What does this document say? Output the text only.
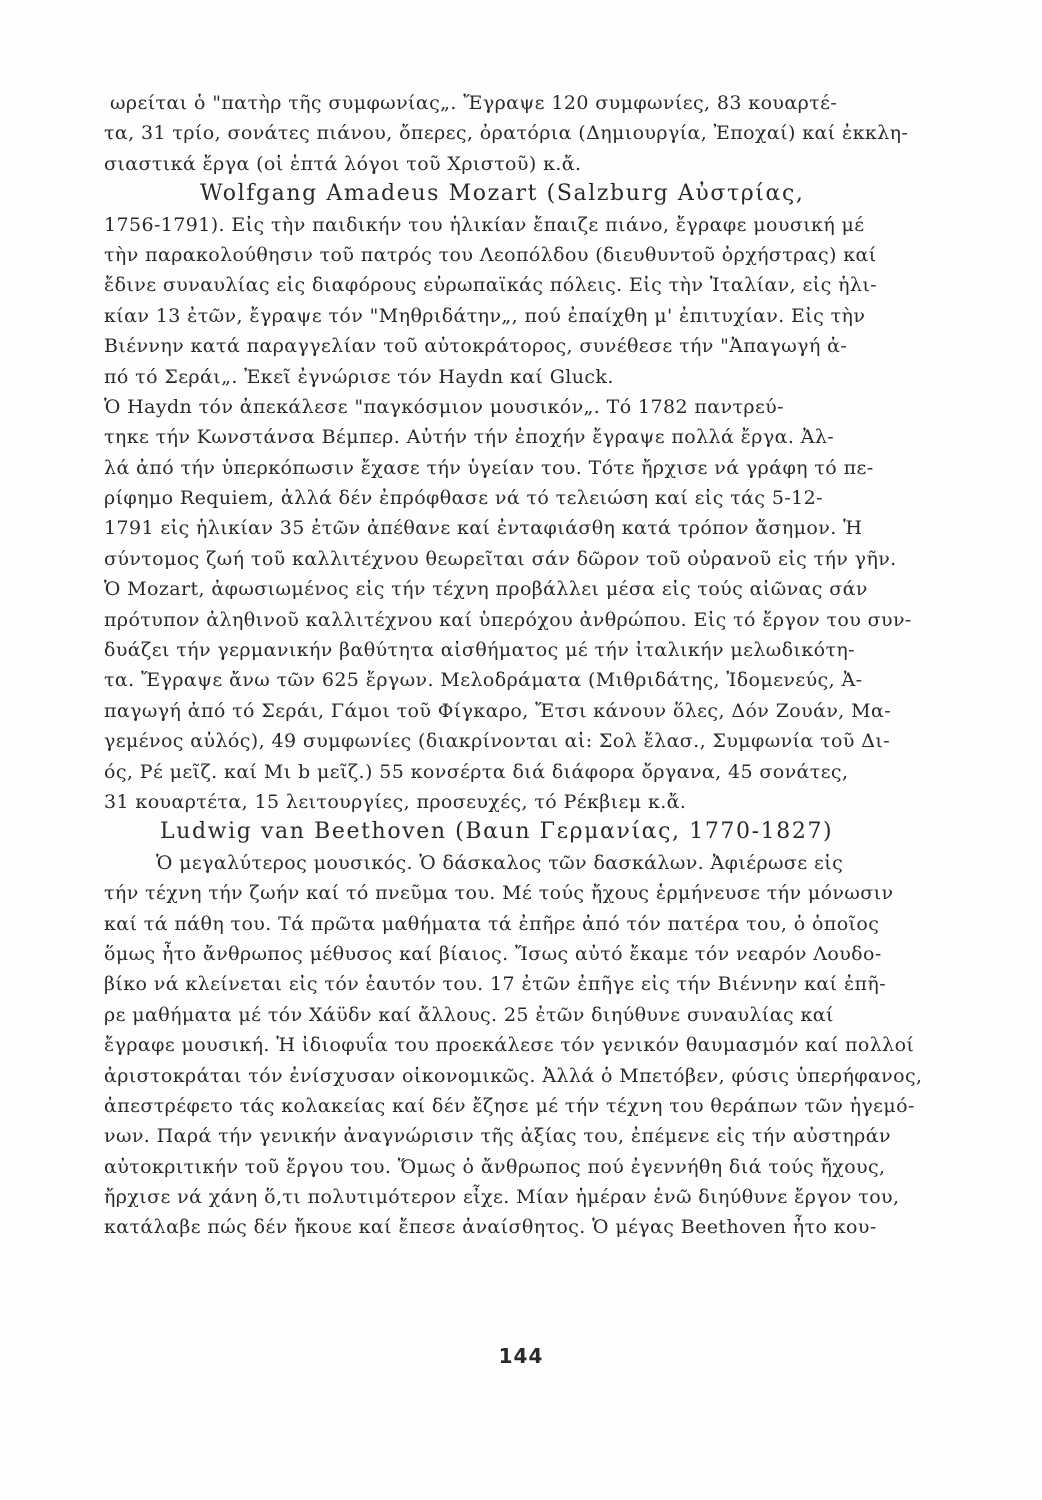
ωρείται ὁ "πατὴρ τῆς συμφωνίας„. Ἔγραψε 120 συμφωνίες, 83 κουαρτέ-
τα, 31 τρίο, σονάτες πιάνου, ὄπερες, ὀρατόρια (Δημιουργία, Ἐποχαί) καί ἐκκλη-
σιαστικά ἔργα (οἱ ἑπτά λόγοι τοῦ Χριστοῦ) κ.ἄ.
Wolfgang Amadeus Mozart (Salzburg Αὐστρίας,
1756-1791). Εἰς τὴν παιδικήν του ἡλικίαν ἔπαιζε πιάνο, ἔγραφε μουσική μέ
τὴν παρακολούθησιν τοῦ πατρός του Λεοπόλδου (διευθυντοῦ ὀρχήστρας) καί
ἔδινε συναυλίας εἰς διαφόρους εὐρωπαϊκάς πόλεις. Εἰς τὴν Ἰταλίαν, εἰς ἡλι-
κίαν 13 ἐτῶν, ἔγραψε τόν "Μηθριδάτην„, πού ἐπαίχθη μ' ἐπιτυχίαν. Εἰς τὴν
Βιέννην κατά παραγγελίαν τοῦ αὐτοκράτορος, συνέθεσε τήν "Ἀπαγωγή ἀ-
πό τό Σεράι„. Ἐκεῖ ἐγνώρισε τόν Haydn καί Gluck.
Ὁ Haydn τόν ἀπεκάλεσε "παγκόσμιον μουσικόν„. Τό 1782 παντρεύ-
τηκε τήν Κωνστάνσα Βέμπερ. Αὐτήν τήν ἐποχήν ἔγραψε πολλά ἔργα. Ἀλ-
λά ἀπό τήν ὑπερκόπωσιν ἔχασε τήν ὑγείαν του. Τότε ἤρχισε νά γράφη τό πε-
ρίφημο Requiem, ἀλλά δέν ἐπρόφθασε νά τό τελειώση καί εἰς τάς 5-12-
1791 εἰς ἡλικίαν 35 ἐτῶν ἀπέθανε καί ἐνταφιάσθη κατά τρόπον ἄσημον. Ἡ
σύντομος ζωή τοῦ καλλιτέχνου θεωρεῖται σάν δῶρον τοῦ οὐρανοῦ εἰς τήν γῆν.
Ὁ Mozart, ἀφωσιωμένος εἰς τήν τέχνη προβάλλει μέσα εἰς τούς αἰῶνας σάν
πρότυπον ἀληθινοῦ καλλιτέχνου καί ὑπερόχου ἀνθρώπου. Εἰς τό ἔργον του συν-
δυάζει τήν γερμανικήν βαθύτητα αἰσθήματος μέ τήν ἰταλικήν μελωδικότη-
τα. Ἔγραψε ἄνω τῶν 625 ἔργων. Μελοδράματα (Μιθριδάτης, Ἰδομενεύς, Ἀ-
παγωγή ἀπό τό Σεράι, Γάμοι τοῦ Φίγκαρο, Ἔτσι κάνουν ὅλες, Δόν Ζουάν, Μα-
γεμένος αὐλός), 49 συμφωνίες (διακρίνονται αἱ: Σολ ἔλασ., Συμφωνία τοῦ Δι-
ός, Ρέ μεῖζ. καί Μι b μεῖζ.) 55 κονσέρτα διά διάφορα ὄργανα, 45 σονάτες,
31 κουαρτέτα, 15 λειτουργίες, προσευχές, τό Ρέκβιεμ κ.ἄ.
Ludwig van Beethoven (Βαun Γερμανίας, 1770-1827)
Ὁ μεγαλύτερος μουσικός. Ὁ δάσκαλος τῶν δασκάλων. Ἀφιέρωσε εἰς
τήν τέχνη τήν ζωήν καί τό πνεῦμα του. Μέ τούς ἤχους ἑρμήνευσε τήν μόνωσιν
καί τά πάθη του. Τά πρῶτα μαθήματα τά ἐπῆρε ἀπό τόν πατέρα του, ὁ ὁποῖος
ὅμως ἦτο ἄνθρωπος μέθυσος καί βίαιος. Ἴσως αὐτό ἔκαμε τόν νεαρόν Λουδο-
βίκο νά κλείνεται εἰς τόν ἑαυτόν του. 17 ἐτῶν ἐπῆγε εἰς τήν Βιέννην καί ἐπῆ-
ρε μαθήματα μέ τόν Χάϋδν καί ἄλλους. 25 ἐτῶν διηύθυνε συναυλίας καί
ἔγραφε μουσική. Ἡ ἰδιοφυΐα του προεκάλεσε τόν γενικόν θαυμασμόν καί πολλοί
ἀριστοκράται τόν ἐνίσχυσαν οἰκονομικῶς. Ἀλλά ὁ Μπετόβεν, φύσις ὑπερήφανος,
ἀπεστρέφετο τάς κολακείας καί δέν ἔζησε μέ τήν τέχνη του θεράπων τῶν ἡγεμό-
νων. Παρά τήν γενικήν ἀναγνώρισιν τῆς ἀξίας του, ἐπέμενε εἰς τήν αὐστηράν
αὐτοκριτικήν τοῦ ἔργου του. Ὅμως ὁ ἄνθρωπος πού ἐγεννήθη διά τούς ἤχους,
ἤρχισε νά χάνη ὅ,τι πολυτιμότερον εἶχε. Μίαν ἡμέραν ἐνῶ διηύθυνε ἔργον του,
κατάλαβε πώς δέν ἤκουε καί ἔπεσε ἀναίσθητος. Ὁ μέγας Beethoven ἦτο κου-
144
